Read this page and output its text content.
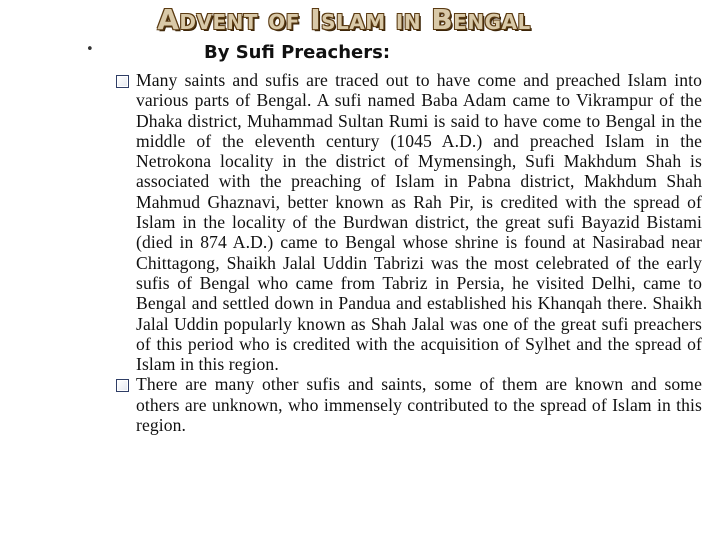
Advent of Islam in Bengal
•	By Sufi Preachers:
Many saints and sufis are traced out to have come and preached Islam into various parts of Bengal. A sufi named Baba Adam came to Vikrampur of the Dhaka district, Muhammad Sultan Rumi is said to have come to Bengal in the middle of the eleventh century (1045 A.D.) and preached Islam in the Netrokona locality in the district of Mymensingh, Sufi Makhdum Shah is associated with the preaching of Islam in Pabna district, Makhdum Shah Mahmud Ghaznavi, better known as Rah Pir, is credited with the spread of Islam in the locality of the Burdwan district, the great sufi Bayazid Bistami (died in 874 A.D.) came to Bengal whose shrine is found at Nasirabad near Chittagong, Shaikh Jalal Uddin Tabrizi was the most celebrated of the early sufis of Bengal who came from Tabriz in Persia, he visited Delhi, came to Bengal and settled down in Pandua and established his Khanqah there. Shaikh Jalal Uddin popularly known as Shah Jalal was one of the great sufi preachers of this period who is credited with the acquisition of Sylhet and the spread of Islam in this region.
There are many other sufis and saints, some of them are known and some others are unknown, who immensely contributed to the spread of Islam in this region.
